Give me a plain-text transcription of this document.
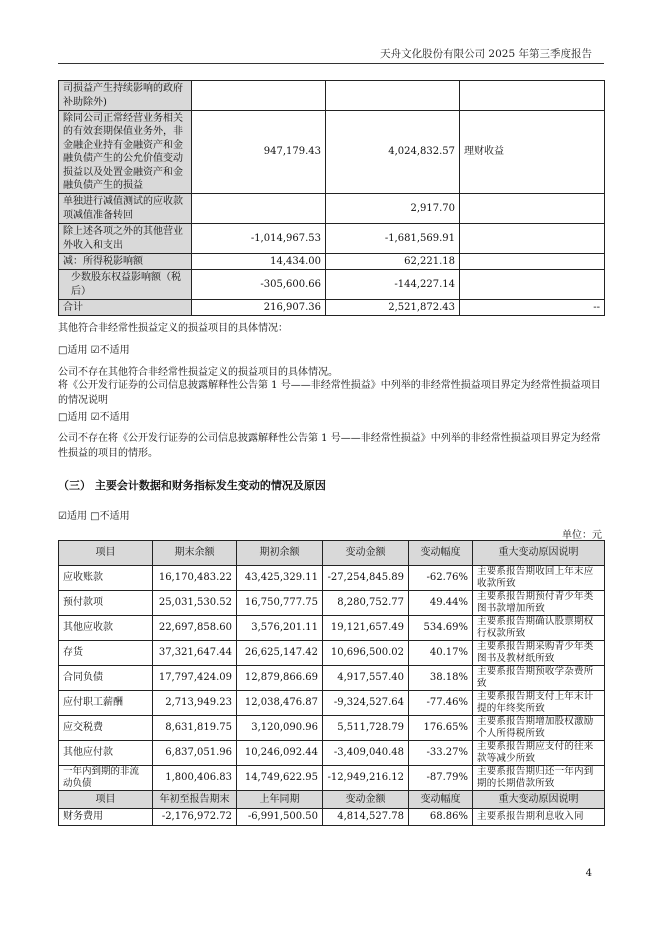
天舟文化股份有限公司 2025 年第三季度报告
司损益产生持续影响的政府补助除外)			
除同公司正常经营业务相关的有效套期保值业务外，非金融企业持有金融资产和金融负债产生的公允价值变动损益以及处置金融资产和金融负债产生的损益	947,179.43	4,024,832.57	理财收益
单独进行减值测试的应收款项减值准备转回		2,917.70	
除上述各项之外的其他营业外收入和支出	-1,014,967.53	-1,681,569.91	
减：所得税影响额	14,434.00	62,221.18	
少数股东权益影响额（税后）	-305,600.66	-144,227.14	
合计	216,907.36	2,521,872.43	--
其他符合非经常性损益定义的损益项目的具体情况：
□适用 ☑不适用
公司不存在其他符合非经常性损益定义的损益项目的具体情况。
将《公开发行证券的公司信息披露解释性公告第 1 号——非经常性损益》中列举的非经常性损益项目界定为经常性损益项目的情况说明
□适用 ☑不适用
公司不存在将《公开发行证券的公司信息披露解释性公告第 1 号——非经常性损益》中列举的非经常性损益项目界定为经常性损益的项目的情形。
（三） 主要会计数据和财务指标发生变动的情况及原因
☑适用 □不适用
单位：元
项目	期末余额	期初余额	变动金额	变动幅度	重大变动原因说明
应收账款	16,170,483.22	43,425,329.11	-27,254,845.89	-62.76%	主要系报告期收回上年末应收款所致
预付款项	25,031,530.52	16,750,777.75	8,280,752.77	49.44%	主要系报告期预付青少年类图书款增加所致
其他应收款	22,697,858.60	3,576,201.11	19,121,657.49	534.69%	主要系报告期确认股票期权行权款所致
存货	37,321,647.44	26,625,147.42	10,696,500.02	40.17%	主要系报告期采购青少年类图书及教材纸所致
合同负债	17,797,424.09	12,879,866.69	4,917,557.40	38.18%	主要系报告期预收学杂费所致
应付职工薪酬	2,713,949.23	12,038,476.87	-9,324,527.64	-77.46%	主要系报告期支付上年末计提的年终奖所致
应交税费	8,631,819.75	3,120,090.96	5,511,728.79	176.65%	主要系报告期增加股权激励个人所得税所致
其他应付款	6,837,051.96	10,246,092.44	-3,409,040.48	-33.27%	主要系报告期应支付的往来款等减少所致
一年内到期的非流动负债	1,800,406.83	14,749,622.95	-12,949,216.12	-87.79%	主要系报告期归还一年内到期的长期借款所致
项目	年初至报告期末	上年同期	变动金额	变动幅度	重大变动原因说明
财务费用	-2,176,972.72	-6,991,500.50	4,814,527.78	68.86%	主要系报告期利息收入同
4
